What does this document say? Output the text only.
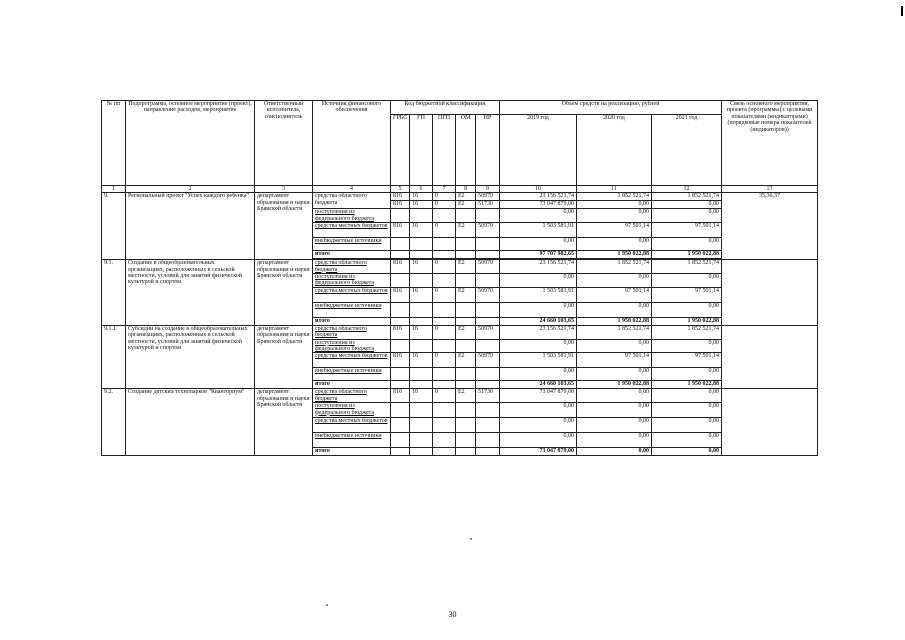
№ пп	Подпрограмма, основное мероприятие (проект), направление расходов, мероприятие	Ответственный исполнитель, соисполнитель	Источник финансового обеспечения	Код бюджетной классификации					Объем средств на реализацию, рублей			Связь основного мероприятия, проекта (программы) с целевыми показателями (индикаторами) (порядковые номера показателей (индикаторов))
				ГРБС	ГП	ПГП	ОМ	НР	2019 год	2020 год	2021 год	
1	2	3	4	5	6	7	8	9	10	11	12	13
9.	Региональный проект "Успех каждого ребенка"	департамент образования и науки Брянской области	средства областного бюджета	816	16	0	E2	50970	23 156 521,74	1 852 521,74	1 852 521,74	35,36,37
				816	16	0	E2	51730	73 047 879,00	0,00	0,00	
			поступления из федерального бюджета						0,00	0,00	0,00	
			средства местных бюджетов	816	16	0	E2	50970	1 503 581,91	97 501,14	97 501,14	
			внебюджетные источники						0,00	0,00	0,00	
			итого						97 707 982,65	1 950 022,88	1 950 022,88	

9.1.	Создание в общеобразовательных организациях, расположенных в сельской местности, условий для занятий физической культурой и спортом	департамент образования и науки Брянской области	средства областного бюджета	816	16	0	E2	50970	23 156 521,74	1 852 521,74	1 852 521,74	
			поступления из федерального бюджета						0,00	0,00	0,00	
			средства местных бюджетов	816	16	0	E2	50970	1 503 581,91	97 501,14	97 501,14	
			внебюджетные источники						0,00	0,00	0,00	
			итого						24 660 103,65	1 950 022,88	1 950 022,88	
9.1.1.	Субсидии на создание в общеобразовательных организациях, расположенных в сельской местности, условий для занятий физической культурой и спортом	департамент образования и науки Брянской области	средства областного бюджета	816	16	0	E2	50970	23 156 521,74	1 852 521,74	1 852 521,74	
			поступления из федерального бюджета						0,00	0,00	0,00	
			средства местных бюджетов	816	16	0	E2	50970	1 503 581,91	97 501,14	97 501,14	
			внебюджетные источники						0,00	0,00	0,00	
			итого						24 660 103,65	1 950 022,88	1 950 022,88	
9.2.	Создание детских технопарков "Кванториум"	департамент образования и науки Брянской области	средства областного бюджета	816	16	0	E2	51730	73 047 879,00	0,00	0,00	
			поступления из федерального бюджета						0,00	0,00	0,00	
			средства местных бюджетов						0,00	0,00	0,00	
			внебюджетные источники						0,00	0,00	0,00	
			итого						73 047 879,00	0,00	0,00	
30
